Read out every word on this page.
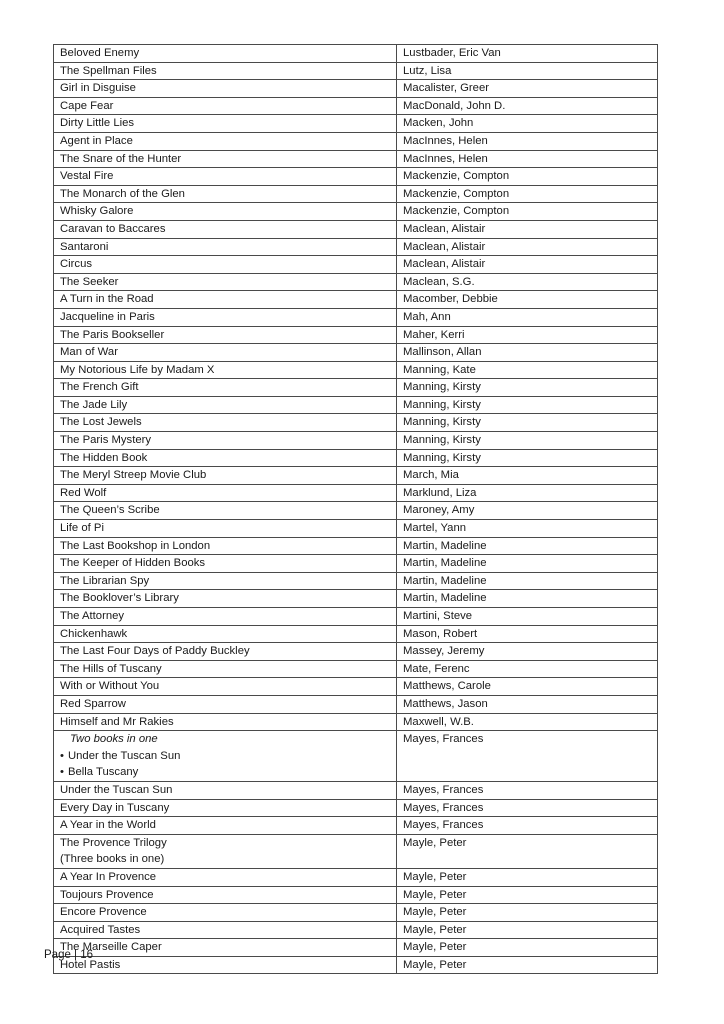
Beloved Enemy	Lustbader, Eric Van
The Spellman Files	Lutz, Lisa
Girl in Disguise	Macalister, Greer
Cape Fear	MacDonald, John D.
Dirty Little Lies	Macken, John
Agent in Place	MacInnes, Helen
The Snare of the Hunter	MacInnes, Helen
Vestal Fire	Mackenzie, Compton
The Monarch of the Glen	Mackenzie, Compton
Whisky Galore	Mackenzie, Compton
Caravan to Baccares	Maclean, Alistair
Santaroni	Maclean, Alistair
Circus	Maclean, Alistair
The Seeker	Maclean, S.G.
A Turn in the Road	Macomber, Debbie
Jacqueline in Paris	Mah, Ann
The Paris Bookseller	Maher, Kerri
Man of War	Mallinson, Allan
My Notorious Life by Madam X	Manning, Kate
The French Gift	Manning, Kirsty
The Jade Lily	Manning, Kirsty
The Lost Jewels	Manning, Kirsty
The Paris Mystery	Manning, Kirsty
The Hidden Book	Manning, Kirsty
The Meryl Streep Movie Club	March, Mia
Red Wolf	Marklund, Liza
The Queen’s Scribe	Maroney, Amy
Life of Pi	Martel, Yann
The Last Bookshop in London	Martin, Madeline
The Keeper of Hidden Books	Martin, Madeline
The Librarian Spy	Martin, Madeline
The Booklover’s Library	Martin, Madeline
The Attorney	Martini, Steve
Chickenhawk	Mason, Robert
The Last Four Days of Paddy Buckley	Massey, Jeremy
The Hills of Tuscany	Mate, Ferenc
With or Without You	Matthews, Carole
Red Sparrow	Matthews, Jason
Himself and Mr Rakies	Maxwell, W.B.

Two books in one
• Under the Tuscan Sun
• Bella Tuscany	Mayes, Frances
Under the Tuscan Sun	Mayes, Frances
Every Day in Tuscany	Mayes, Frances
A Year in the World	Mayes, Frances

The Provence Trilogy
(Three books in one)	Mayle, Peter
A Year In Provence	Mayle, Peter
Toujours Provence	Mayle, Peter
Encore Provence	Mayle, Peter
Acquired Tastes	Mayle, Peter
The Marseille Caper	Mayle, Peter
Hotel Pastis	Mayle, Peter
Page | 16
